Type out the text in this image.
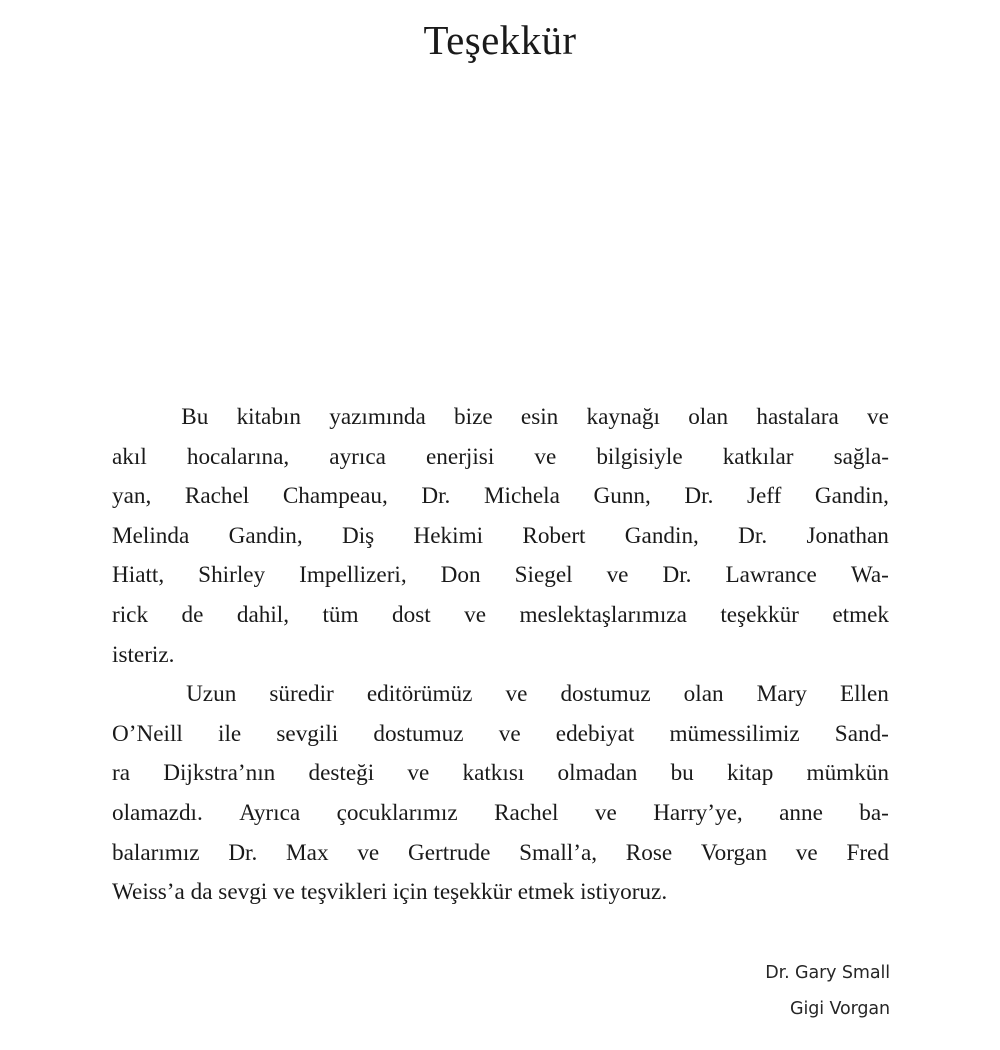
Teşekkür

Bu kitabın yazımında bize esin kaynağı olan hastalara ve
akıl hocalarına, ayrıca enerjisi ve bilgisiyle katkılar sağla-
yan, Rachel Champeau, Dr. Michela Gunn, Dr. Jeff Gandin,
Melinda Gandin, Diş Hekimi Robert Gandin, Dr. Jonathan
Hiatt, Shirley Impellizeri, Don Siegel ve Dr. Lawrance Wa-
rick de dahil, tüm dost ve meslektaşlarımıza teşekkür etmek
isteriz.

Uzun süredir editörümüz ve dostumuz olan Mary Ellen
O’Neill ile sevgili dostumuz ve edebiyat mümessilimiz Sand-
ra Dijkstra’nın desteği ve katkısı olmadan bu kitap mümkün
olamazdı. Ayrıca çocuklarımız Rachel ve Harry’ye, anne ba-
balarımız Dr. Max ve Gertrude Small’a, Rose Vorgan ve Fred
Weiss’a da sevgi ve teşvikleri için teşekkür etmek istiyoruz.

Dr. Gary Small
Gigi Vorgan
